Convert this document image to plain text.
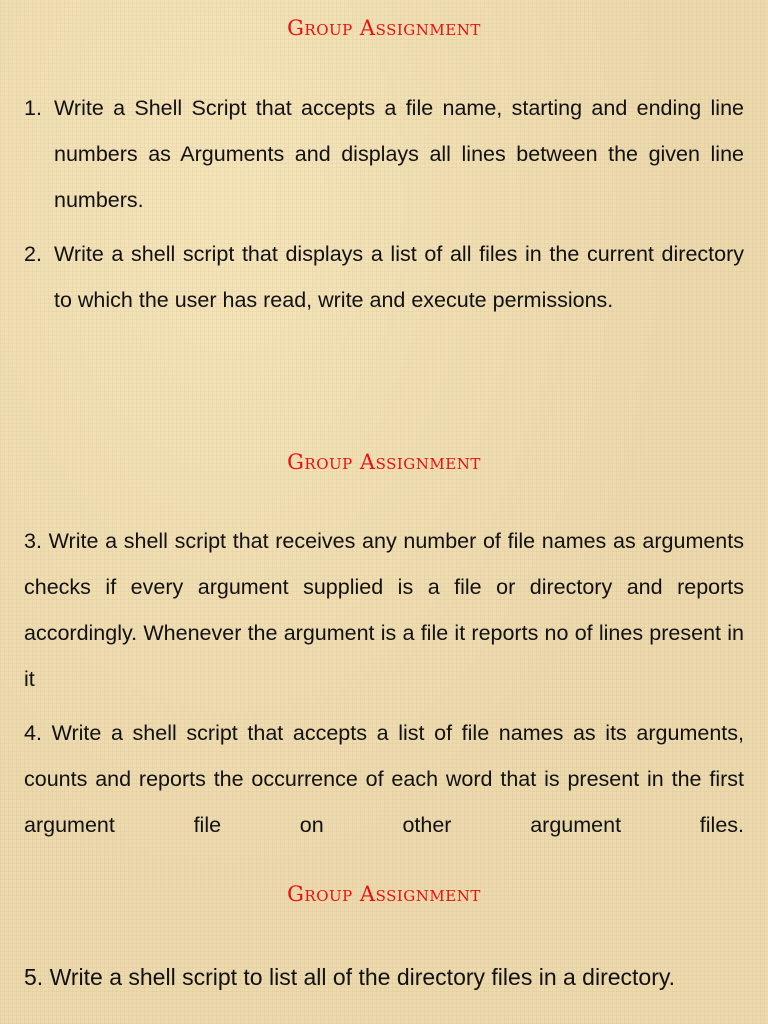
Group Assignment
1. Write a Shell Script that accepts a file name, starting and ending line numbers as Arguments and displays all lines between the given line numbers.
2. Write a shell script that displays a list of all files in the current directory to which the user has read, write and execute permissions.
Group Assignment

3. Write a shell script that receives any number of file names as arguments checks if every argument supplied is a file or directory and reports accordingly. Whenever the argument is a file it reports no of lines present in it

4. Write a shell script that accepts a list of file names as its arguments, counts and reports the occurrence of each word that is present in the first argument file on other argument files.

Group Assignment

5. Write a shell script to list all of the directory files in a directory.
